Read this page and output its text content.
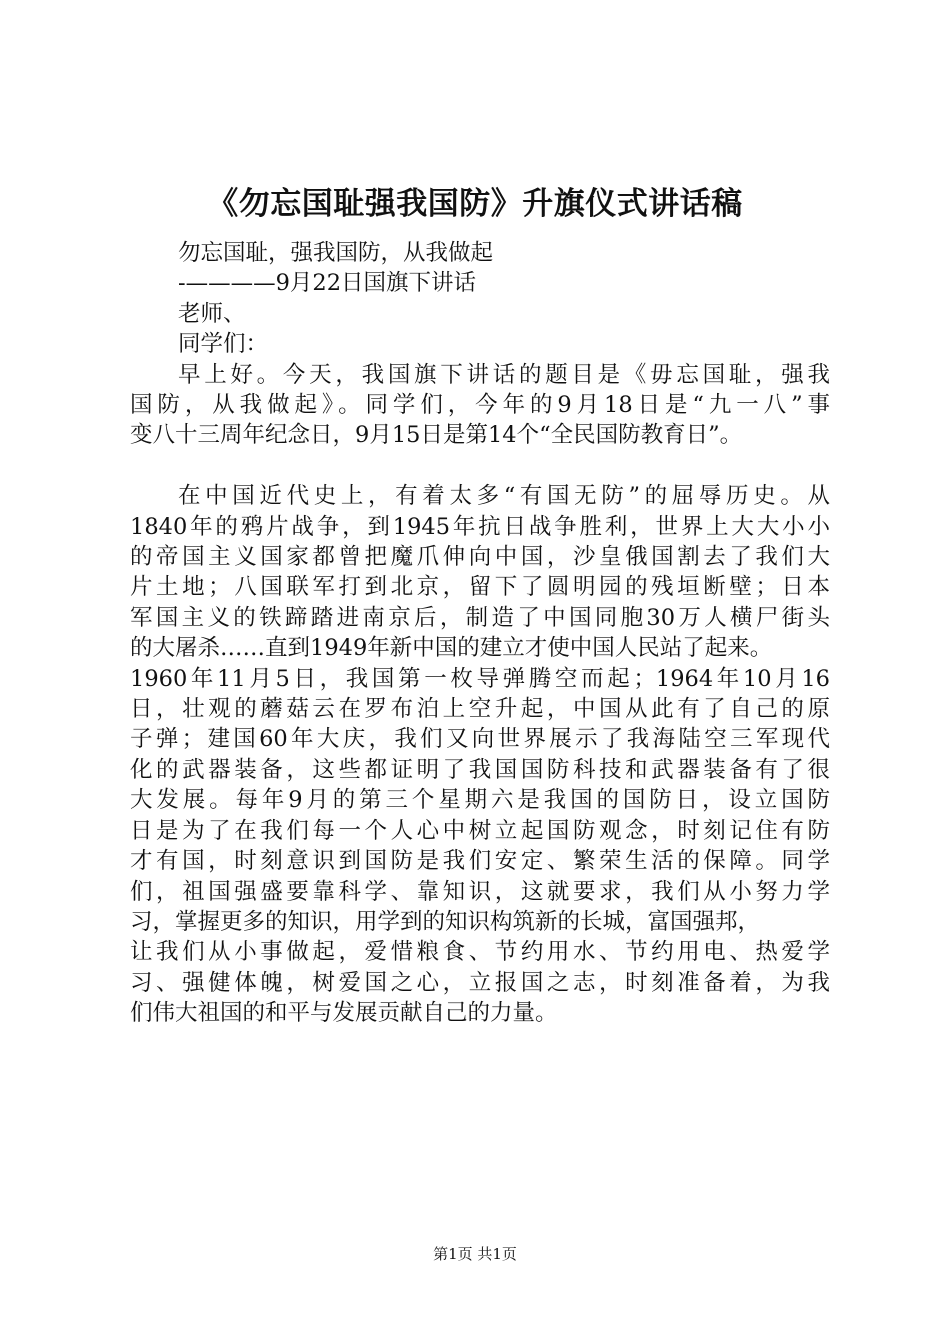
《勿忘国耻强我国防》升旗仪式讲话稿
勿忘国耻，强我国防，从我做起
-————9月22日国旗下讲话
老师、
同学们：
早上好。今天，我国旗下讲话的题目是《毋忘国耻，强我
国防，从我做起》。同学们，今年的9月18日是“九一八”事
变八十三周年纪念日，9月15日是第14个“全民国防教育日”。
在中国近代史上，有着太多“有国无防”的屈辱历史。从
1840年的鸦片战争，到1945年抗日战争胜利，世界上大大小小
的帝国主义国家都曾把魔爪伸向中国，沙皇俄国割去了我们大
片土地；八国联军打到北京，留下了圆明园的残垣断壁；日本
军国主义的铁蹄踏进南京后，制造了中国同胞30万人横尸街头
的大屠杀……直到1949年新中国的建立才使中国人民站了起来。
1960年11月5日，我国第一枚导弹腾空而起；1964年10月16
日，壮观的蘑菇云在罗布泊上空升起，中国从此有了自己的原
子弹；建国60年大庆，我们又向世界展示了我海陆空三军现代
化的武器装备，这些都证明了我国国防科技和武器装备有了很
大发展。每年9月的第三个星期六是我国的国防日，设立国防
日是为了在我们每一个人心中树立起国防观念，时刻记住有防
才有国，时刻意识到国防是我们安定、繁荣生活的保障。同学
们，祖国强盛要靠科学、靠知识，这就要求，我们从小努力学
习，掌握更多的知识，用学到的知识构筑新的长城，富国强邦，
让我们从小事做起，爱惜粮食、节约用水、节约用电、热爱学
习、强健体魄，树爱国之心，立报国之志，时刻准备着，为我
们伟大祖国的和平与发展贡献自己的力量。
第1页 共1页
